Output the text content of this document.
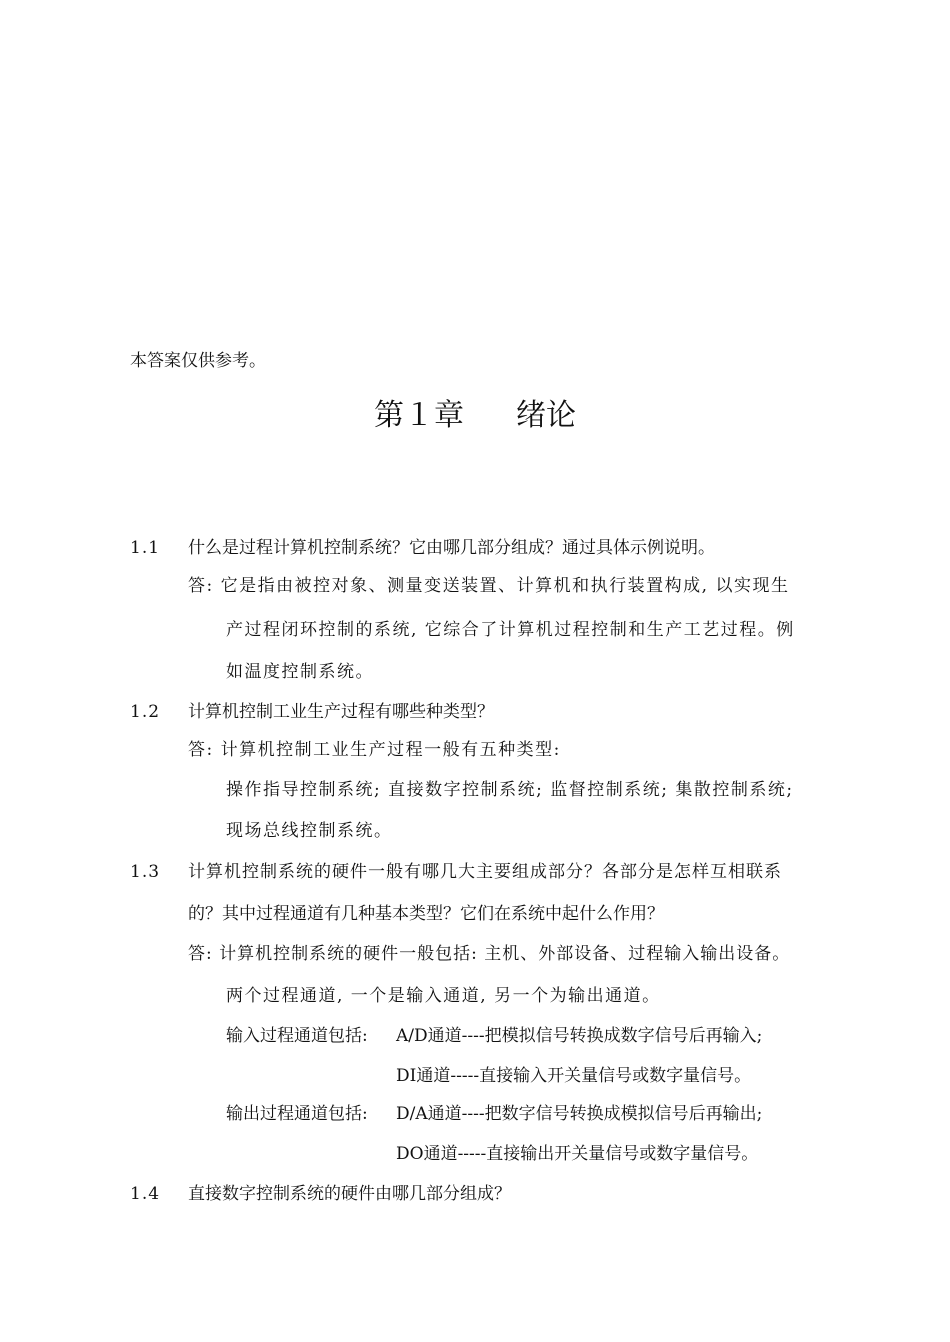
本答案仅供参考。
第１章 绪论
1.1 什么是过程计算机控制系统？它由哪几部分组成？通过具体示例说明。
答: 它是指由被控对象、测量变送装置、计算机和执行装置构成, 以实现生
产过程闭环控制的系统, 它综合了计算机过程控制和生产工艺过程。例
如温度控制系统。
1.2 计算机控制工业生产过程有哪些种类型？
答: 计算机控制工业生产过程一般有五种类型:
操作指导控制系统; 直接数字控制系统; 监督控制系统; 集散控制系统;
现场总线控制系统。
1.3 计算机控制系统的硬件一般有哪几大主要组成部分？各部分是怎样互相联系
的？其中过程通道有几种基本类型？它们在系统中起什么作用？
答: 计算机控制系统的硬件一般包括: 主机、外部设备、过程输入输出设备。
两个过程通道, 一个是输入通道, 另一个为输出通道。
输入过程通道包括: A/D通道----把模拟信号转换成数字信号后再输入;
DI通道-----直接输入开关量信号或数字量信号。
输出过程通道包括: D/A通道----把数字信号转换成模拟信号后再输出;
DO通道-----直接输出开关量信号或数字量信号。
1.4 直接数字控制系统的硬件由哪几部分组成？
